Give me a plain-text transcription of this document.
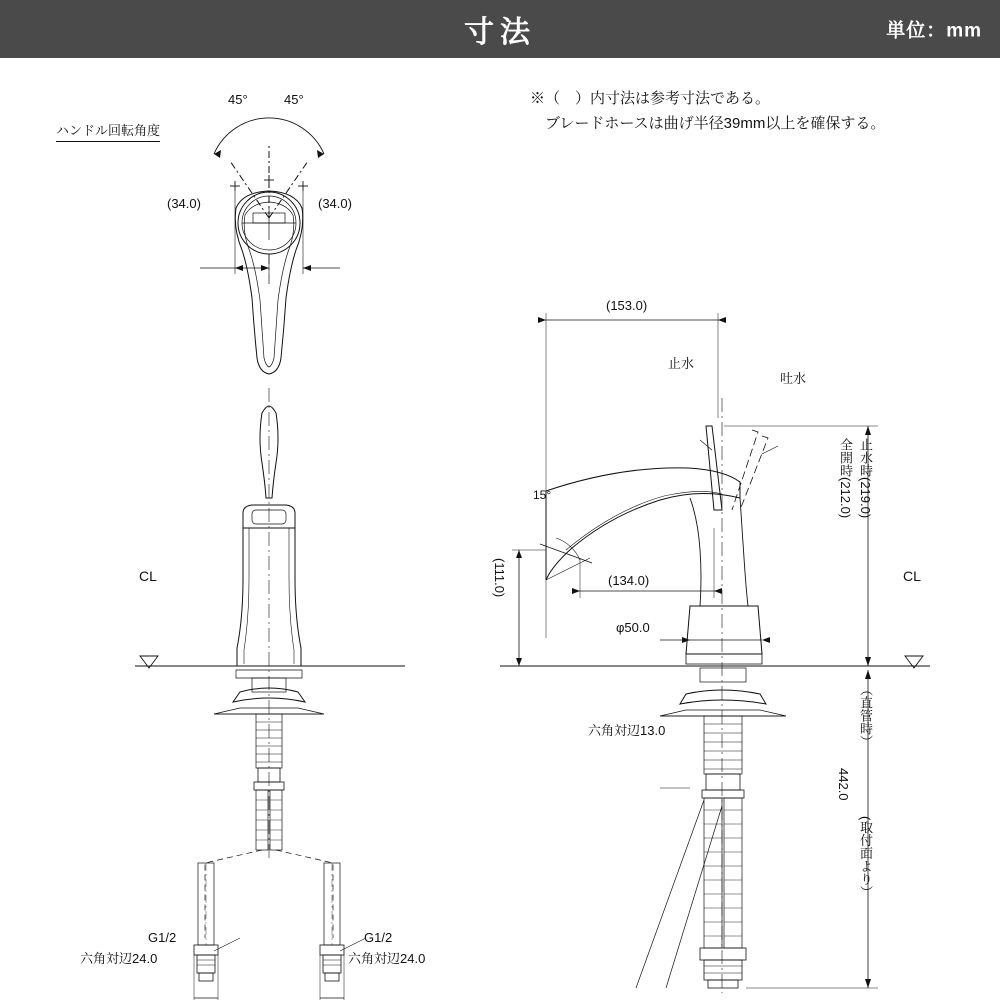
寸法	単位：mm
※（　）内寸法は参考寸法である。
　ブレードホースは曲げ半径39mm以上を確保する。
ハンドル回転角度
45°	45°
(34.0)	(34.0)
CL	CL
(153.0)
(134.0)
(111.0)
15°
止水
吐水
φ50.0
六角対辺13.0
全開時(212.0) 止水時(219.0)
（直管時）
(取付面より）
442.0
G1/2	G1/2
六角対辺24.0	六角対辺24.0
